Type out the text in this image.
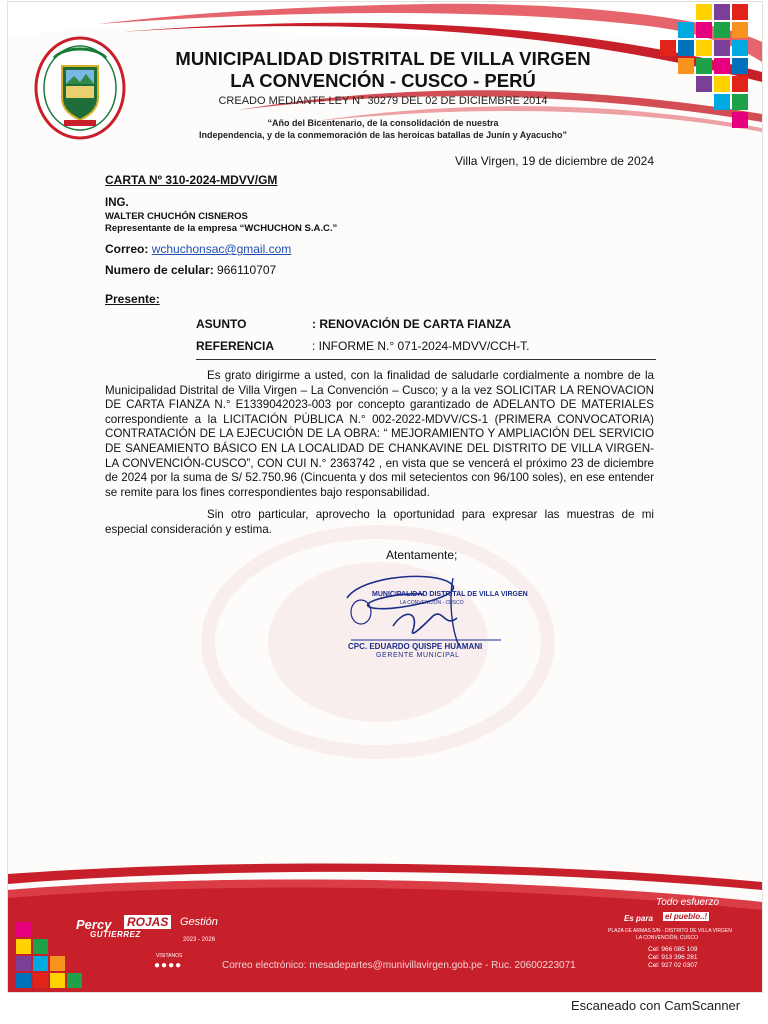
MUNICIPALIDAD DISTRITAL DE VILLA VIRGEN
LA CONVENCIÓN - CUSCO - PERÚ
CREADO MEDIANTE LEY N° 30279 DEL 02 DE DICIEMBRE 2014
“Año del Bicentenario, de la consolidación de nuestra
Independencia, y de la conmemoración de las heroicas batallas de Junín y Ayacucho”
Villa Virgen, 19 de diciembre de 2024
CARTA Nº 310-2024-MDVV/GM
ING.
WALTER CHUCHÓN CISNEROS
Representante de la empresa “WCHUCHON S.A.C.”
Correo: wchuchonsac@gmail.com
Numero de celular: 966110707
Presente:
ASUNTO	: RENOVACIÓN DE CARTA FIANZA
REFERENCIA	: INFORME N.° 071-2024-MDVV/CCH-T.

Es grato dirigirme a usted, con la finalidad de saludarle cordialmente a nombre de la Municipalidad Distrital de Villa Virgen – La Convención – Cusco; y a la vez SOLICITAR LA RENOVACION DE CARTA FIANZA N.° E1339042023-003 por concepto garantizado de ADELANTO DE MATERIALES correspondiente a la LICITACIÓN PÚBLICA N.° 002-2022-MDVV/CS-1 (PRIMERA CONVOCATORIA) CONTRATACIÓN DE LA EJECUCIÓN DE LA OBRA: “ MEJORAMIENTO Y AMPLIACIÓN DEL SERVICIO DE SANEAMIENTO BÁSICO EN LA LOCALIDAD DE CHANKAVINE DEL DISTRITO DE VILLA VIRGEN-LA CONVENCIÓN-CUSCO”, CON CUI N.° 2363742 , en vista que se vencerá el próximo 23 de diciembre de 2024 por la suma de S/ 52.750.96 (Cincuenta y dos mil setecientos con 96/100 soles), en ese entender se remite para los fines correspondientes bajo responsabilidad.

Sin otro particular, aprovecho la oportunidad para expresar las muestras de mi especial consideración y estima.

Atentamente;
MUNICIPALIDAD DISTRITAL DE VILLA VIRGEN
LA CONVENCIÓN - CUSCO
CPC. EDUARDO QUISPE HUAMANI
GERENTE MUNICIPAL
Percy ROJAS
GUTIERREZ
Gestión
2023 - 2026
VISITANOS
●●●●	Correo electrónico: mesadepartes@munivillavirgen.gob.pe - Ruc. 20600223071
Todo esfuerzo
Es para el pueblo..!
PLAZA DE ARMAS S/N - DISTRITO DE VILLA VIRGEN
LA CONVENCIÓN, CUSCO
Cel: 966 085 109
Cel: 913 396 281
Cel: 927 02 0307
Escaneado con CamScanner
